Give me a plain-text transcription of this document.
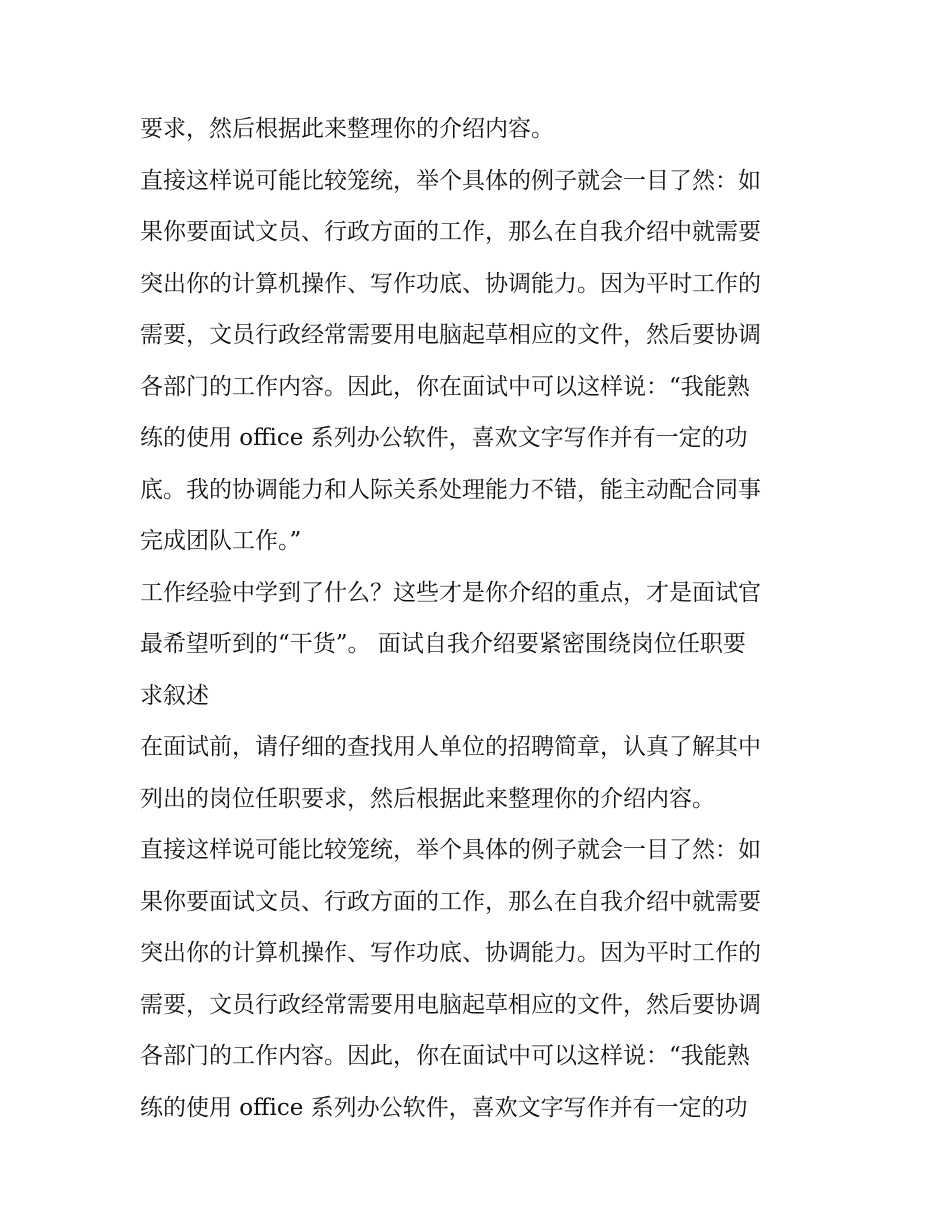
要求，然后根据此来整理你的介绍内容。
直接这样说可能比较笼统，举个具体的例子就会一目了然：如
果你要面试文员、行政方面的工作，那么在自我介绍中就需要
突出你的计算机操作、写作功底、协调能力。因为平时工作的
需要，文员行政经常需要用电脑起草相应的文件，然后要协调
各部门的工作内容。因此，你在面试中可以这样说：“我能熟
练的使用 office 系列办公软件，喜欢文字写作并有一定的功
底。我的协调能力和人际关系处理能力不错，能主动配合同事
完成团队工作。”
工作经验中学到了什么？这些才是你介绍的重点，才是面试官
最希望听到的“干货”。 面试自我介绍要紧密围绕岗位任职要
求叙述
在面试前，请仔细的查找用人单位的招聘简章，认真了解其中
列出的岗位任职要求，然后根据此来整理你的介绍内容。
直接这样说可能比较笼统，举个具体的例子就会一目了然：如
果你要面试文员、行政方面的工作，那么在自我介绍中就需要
突出你的计算机操作、写作功底、协调能力。因为平时工作的
需要，文员行政经常需要用电脑起草相应的文件，然后要协调
各部门的工作内容。因此，你在面试中可以这样说：“我能熟
练的使用 office 系列办公软件，喜欢文字写作并有一定的功
